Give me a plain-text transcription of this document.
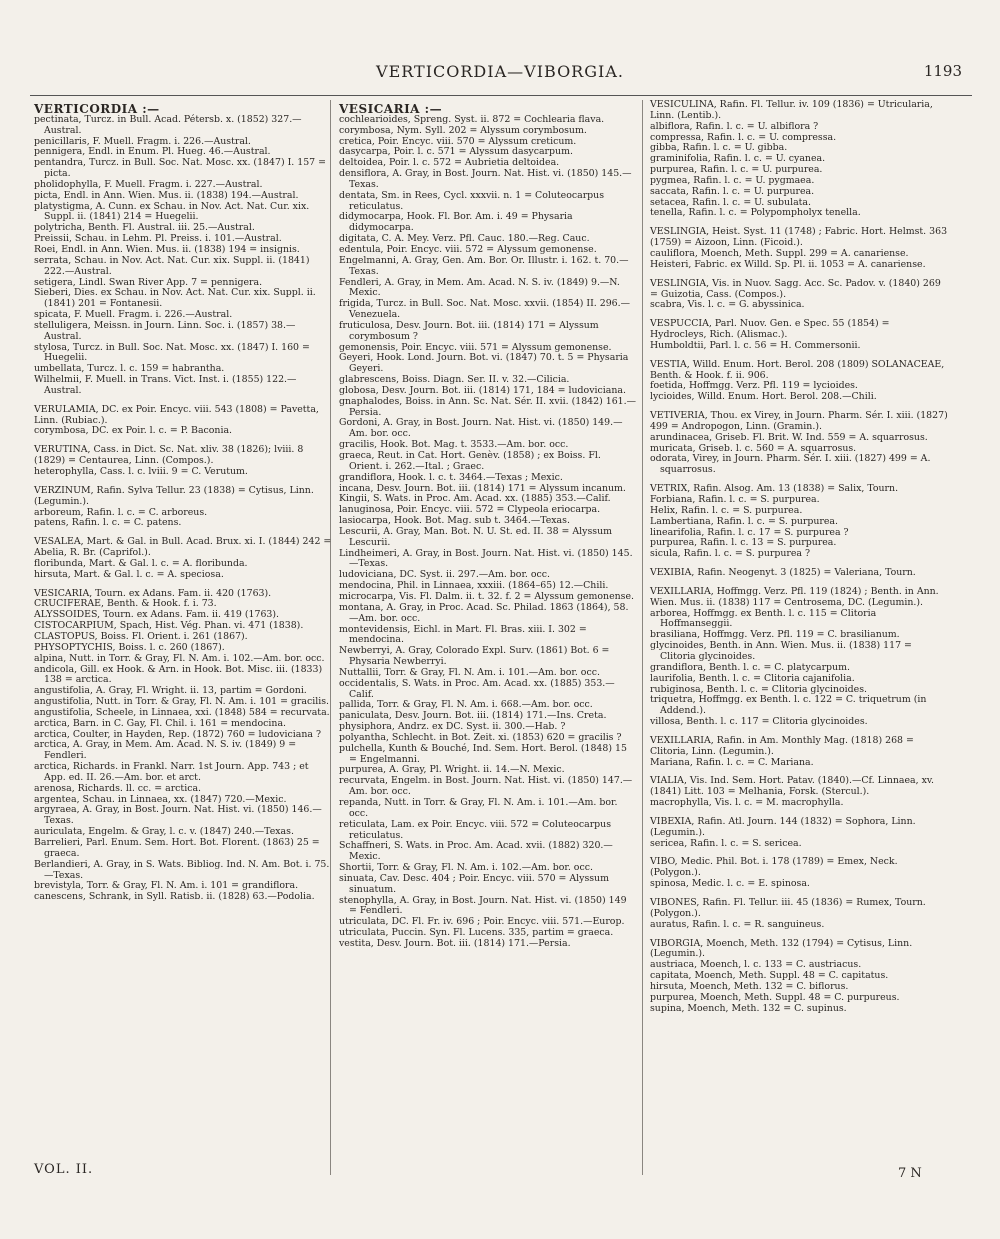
VERTICORDIA—VIBORGIA.	1193

VERTICORDIA :—

pectinata, Turcz. in Bull. Acad. Pétersb. x. (1852) 327.—Austral.

penicillaris, F. Muell. Fragm. i. 226.—Austral.

pennigera, Endl. in Enum. Pl. Hueg. 46.—Austral.

pentandra, Turcz. in Bull. Soc. Nat. Mosc. xx. (1847) I. 157 = picta.

pholidophylla, F. Muell. Fragm. i. 227.—Austral.

picta, Endl. in Ann. Wien. Mus. ii. (1838) 194.—Austral.

platystigma, A. Cunn. ex Schau. in Nov. Act. Nat. Cur. xix. Suppl. ii. (1841) 214 = Huegelii.

polytricha, Benth. Fl. Austral. iii. 25.—Austral.

Preissii, Schau. in Lehm. Pl. Preiss. i. 101.—Austral.

Roei, Endl. in Ann. Wien. Mus. ii. (1838) 194 = insignis.

serrata, Schau. in Nov. Act. Nat. Cur. xix. Suppl. ii. (1841) 222.—Austral.

setigera, Lindl. Swan River App. 7 = pennigera.

Sieberi, Dies. ex Schau. in Nov. Act. Nat. Cur. xix. Suppl. ii. (1841) 201 = Fontanesii.

spicata, F. Muell. Fragm. i. 226.—Austral.

stelluligera, Meissn. in Journ. Linn. Soc. i. (1857) 38.—Austral.

stylosa, Turcz. in Bull. Soc. Nat. Mosc. xx. (1847) I. 160 = Huegelii.

umbellata, Turcz. l. c. 159 = habrantha.

Wilhelmii, F. Muell. in Trans. Vict. Inst. i. (1855) 122.—Austral.

VERULAMIA, DC. ex Poir. Encyc. viii. 543 (1808) = Pavetta, Linn. (Rubiac.).

corymbosa, DC. ex Poir. l. c. = P. Baconia.

VERUTINA, Cass. in Dict. Sc. Nat. xliv. 38 (1826); lviii. 8 (1829) = Centaurea, Linn. (Compos.).

heterophylla, Cass. l. c. lviii. 9 = C. Verutum.

VERZINUM, Rafin. Sylva Tellur. 23 (1838) = Cytisus, Linn. (Legumin.).

arboreum, Rafin. l. c. = C. arboreus.

patens, Rafin. l. c. = C. patens.

VESALEA, Mart. & Gal. in Bull. Acad. Brux. xi. I. (1844) 242 = Abelia, R. Br. (Caprifol.).

floribunda, Mart. & Gal. l. c. = A. floribunda.

hirsuta, Mart. & Gal. l. c. = A. speciosa.

VESICARIA, Tourn. ex Adans. Fam. ii. 420 (1763). CRUCIFERAE, Benth. & Hook. f. i. 73.

ALYSSOIDES, Tourn. ex Adans. Fam. ii. 419 (1763).

CISTOCARPIUM, Spach, Hist. Vég. Phan. vi. 471 (1838).

CLASTOPUS, Boiss. Fl. Orient. i. 261 (1867).

PHYSOPTYCHIS, Boiss. l. c. 260 (1867).

alpina, Nutt. in Torr. & Gray, Fl. N. Am. i. 102.—Am. bor. occ.

andicola, Gill. ex Hook. & Arn. in Hook. Bot. Misc. iii. (1833) 138 = arctica.

angustifolia, A. Gray, Fl. Wright. ii. 13, partim = Gordoni.

angustifolia, Nutt. in Torr. & Gray, Fl. N. Am. i. 101 = gracilis.

angustifolia, Scheele, in Linnaea, xxi. (1848) 584 = recurvata.

arctica, Barn. in C. Gay, Fl. Chil. i. 161 = mendocina.

arctica, Coulter, in Hayden, Rep. (1872) 760 = ludoviciana ?

arctica, A. Gray, in Mem. Am. Acad. N. S. iv. (1849) 9 = Fendleri.

arctica, Richards. in Frankl. Narr. 1st Journ. App. 743 ; et App. ed. II. 26.—Am. bor. et arct.

arenosa, Richards. ll. cc. = arctica.

argentea, Schau. in Linnaea, xx. (1847) 720.—Mexic.

argyraea, A. Gray, in Bost. Journ. Nat. Hist. vi. (1850) 146.—Texas.

auriculata, Engelm. & Gray, l. c. v. (1847) 240.—Texas.

Barrelieri, Parl. Enum. Sem. Hort. Bot. Florent. (1863) 25 = graeca.

Berlandieri, A. Gray, in S. Wats. Bibliog. Ind. N. Am. Bot. i. 75.—Texas.

brevistyla, Torr. & Gray, Fl. N. Am. i. 101 = grandiflora.

canescens, Schrank, in Syll. Ratisb. ii. (1828) 63.—Podolia.

VESICARIA :—

cochlearioides, Spreng. Syst. ii. 872 = Cochlearia flava.

corymbosa, Nym. Syll. 202 = Alyssum corymbosum.

cretica, Poir. Encyc. viii. 570 = Alyssum creticum.

dasycarpa, Poir. l. c. 571 = Alyssum dasycarpum.

deltoidea, Poir. l. c. 572 = Aubrietia deltoidea.

densiflora, A. Gray, in Bost. Journ. Nat. Hist. vi. (1850) 145.—Texas.

dentata, Sm. in Rees, Cycl. xxxvii. n. 1 = Coluteocarpus reticulatus.

didymocarpa, Hook. Fl. Bor. Am. i. 49 = Physaria didymocarpa.

digitata, C. A. Mey. Verz. Pfl. Cauc. 180.—Reg. Cauc.

edentula, Poir. Encyc. viii. 572 = Alyssum gemonense.

Engelmanni, A. Gray, Gen. Am. Bor. Or. Illustr. i. 162. t. 70.—Texas.

Fendleri, A. Gray, in Mem. Am. Acad. N. S. iv. (1849) 9.—N. Mexic.

frigida, Turcz. in Bull. Soc. Nat. Mosc. xxvii. (1854) II. 296.—Venezuela.

fruticulosa, Desv. Journ. Bot. iii. (1814) 171 = Alyssum corymbosum ?

gemonensis, Poir. Encyc. viii. 571 = Alyssum gemonense.

Geyeri, Hook. Lond. Journ. Bot. vi. (1847) 70. t. 5 = Physaria Geyeri.

glabrescens, Boiss. Diagn. Ser. II. v. 32.—Cilicia.

globosa, Desv. Journ. Bot. iii. (1814) 171, 184 = ludoviciana.

gnaphalodes, Boiss. in Ann. Sc. Nat. Sér. II. xvii. (1842) 161.—Persia.

Gordoni, A. Gray, in Bost. Journ. Nat. Hist. vi. (1850) 149.—Am. bor. occ.

gracilis, Hook. Bot. Mag. t. 3533.—Am. bor. occ.

graeca, Reut. in Cat. Hort. Genèv. (1858) ; ex Boiss. Fl. Orient. i. 262.—Ital. ; Graec.

grandiflora, Hook. l. c. t. 3464.—Texas ; Mexic.

incana, Desv. Journ. Bot. iii. (1814) 171 = Alyssum incanum.

Kingii, S. Wats. in Proc. Am. Acad. xx. (1885) 353.—Calif.

lanuginosa, Poir. Encyc. viii. 572 = Clypeola eriocarpa.

lasiocarpa, Hook. Bot. Mag. sub t. 3464.—Texas.

Lescurii, A. Gray, Man. Bot. N. U. St. ed. II. 38 = Alyssum Lescurii.

Lindheimeri, A. Gray, in Bost. Journ. Nat. Hist. vi. (1850) 145.—Texas.

ludoviciana, DC. Syst. ii. 297.—Am. bor. occ.

mendocina, Phil. in Linnaea, xxxiii. (1864–65) 12.—Chili.

microcarpa, Vis. Fl. Dalm. ii. t. 32. f. 2 = Alyssum gemonense.

montana, A. Gray, in Proc. Acad. Sc. Philad. 1863 (1864), 58.—Am. bor. occ.

montevidensis, Eichl. in Mart. Fl. Bras. xiii. I. 302 = mendocina.

Newberryi, A. Gray, Colorado Expl. Surv. (1861) Bot. 6 = Physaria Newberryi.

Nuttallii, Torr. & Gray, Fl. N. Am. i. 101.—Am. bor. occ.

occidentalis, S. Wats. in Proc. Am. Acad. xx. (1885) 353.—Calif.

pallida, Torr. & Gray, Fl. N. Am. i. 668.—Am. bor. occ.

paniculata, Desv. Journ. Bot. iii. (1814) 171.—Ins. Creta.

physiphora, Andrz. ex DC. Syst. ii. 300.—Hab. ?

polyantha, Schlecht. in Bot. Zeit. xi. (1853) 620 = gracilis ?

pulchella, Kunth & Bouché, Ind. Sem. Hort. Berol. (1848) 15 = Engelmanni.

purpurea, A. Gray, Pl. Wright. ii. 14.—N. Mexic.

recurvata, Engelm. in Bost. Journ. Nat. Hist. vi. (1850) 147.—Am. bor. occ.

repanda, Nutt. in Torr. & Gray, Fl. N. Am. i. 101.—Am. bor. occ.

reticulata, Lam. ex Poir. Encyc. viii. 572 = Coluteocarpus reticulatus.

Schaffneri, S. Wats. in Proc. Am. Acad. xvii. (1882) 320.—Mexic.

Shortii, Torr. & Gray, Fl. N. Am. i. 102.—Am. bor. occ.

sinuata, Cav. Desc. 404 ; Poir. Encyc. viii. 570 = Alyssum sinuatum.

stenophylla, A. Gray, in Bost. Journ. Nat. Hist. vi. (1850) 149 = Fendleri.

utriculata, DC. Fl. Fr. iv. 696 ; Poir. Encyc. viii. 571.—Europ.

utriculata, Puccin. Syn. Fl. Lucens. 335, partim = graeca.

vestita, Desv. Journ. Bot. iii. (1814) 171.—Persia.

VESICULINA, Rafin. Fl. Tellur. iv. 109 (1836) = Utricularia, Linn. (Lentib.).

albiflora, Rafin. l. c. = U. albiflora ?

compressa, Rafin. l. c. = U. compressa.

gibba, Rafin. l. c. = U. gibba.

graminifolia, Rafin. l. c. = U. cyanea.

purpurea, Rafin. l. c. = U. purpurea.

pygmea, Rafin. l. c. = U. pygmaea.

saccata, Rafin. l. c. = U. purpurea.

setacea, Rafin. l. c. = U. subulata.

tenella, Rafin. l. c. = Polypompholyx tenella.

VESLINGIA, Heist. Syst. 11 (1748) ; Fabric. Hort. Helmst. 363 (1759) = Aizoon, Linn. (Ficoid.).

cauliflora, Moench, Meth. Suppl. 299 = A. canariense.

Heisteri, Fabric. ex Willd. Sp. Pl. ii. 1053 = A. canariense.

VESLINGIA, Vis. in Nuov. Sagg. Acc. Sc. Padov. v. (1840) 269 = Guizotia, Cass. (Compos.).

scabra, Vis. l. c. = G. abyssinica.

VESPUCCIA, Parl. Nuov. Gen. e Spec. 55 (1854) = Hydrocleys, Rich. (Alismac.).

Humboldtii, Parl. l. c. 56 = H. Commersonii.

VESTIA, Willd. Enum. Hort. Berol. 208 (1809) SOLANACEAE, Benth. & Hook. f. ii. 906.

foetida, Hoffmgg. Verz. Pfl. 119 = lycioides.

lycioides, Willd. Enum. Hort. Berol. 208.—Chili.

VETIVERIA, Thou. ex Virey, in Journ. Pharm. Sér. I. xiii. (1827) 499 = Andropogon, Linn. (Gramin.).

arundinacea, Griseb. Fl. Brit. W. Ind. 559 = A. squarrosus.

muricata, Griseb. l. c. 560 = A. squarrosus.

odorata, Virey, in Journ. Pharm. Sér. I. xiii. (1827) 499 = A. squarrosus.

VETRIX, Rafin. Alsog. Am. 13 (1838) = Salix, Tourn.

Forbiana, Rafin. l. c. = S. purpurea.

Helix, Rafin. l. c. = S. purpurea.

Lambertiana, Rafin. l. c. = S. purpurea.

linearifolia, Rafin. l. c. 17 = S. purpurea ?

purpurea, Rafin. l. c. 13 = S. purpurea.

sicula, Rafin. l. c. = S. purpurea ?

VEXIBIA, Rafin. Neogenyt. 3 (1825) = Valeriana, Tourn.

VEXILLARIA, Hoffmgg. Verz. Pfl. 119 (1824) ; Benth. in Ann. Wien. Mus. ii. (1838) 117 = Centrosema, DC. (Legumin.).

arborea, Hoffmgg. ex Benth. l. c. 115 = Clitoria Hoffmanseggii.

brasiliana, Hoffmgg. Verz. Pfl. 119 = C. brasilianum.

glycinoides, Benth. in Ann. Wien. Mus. ii. (1838) 117 = Clitoria glycinoides.

grandiflora, Benth. l. c. = C. platycarpum.

laurifolia, Benth. l. c. = Clitoria cajanifolia.

rubiginosa, Benth. l. c. = Clitoria glycinoides.

triquetra, Hoffmgg. ex Benth. l. c. 122 = C. triquetrum (in Addend.).

villosa, Benth. l. c. 117 = Clitoria glycinoides.

VEXILLARIA, Rafin. in Am. Monthly Mag. (1818) 268 = Clitoria, Linn. (Legumin.).

Mariana, Rafin. l. c. = C. Mariana.

VIALIA, Vis. Ind. Sem. Hort. Patav. (1840).—Cf. Linnaea, xv. (1841) Litt. 103 = Melhania, Forsk. (Stercul.).

macrophylla, Vis. l. c. = M. macrophylla.

VIBEXIA, Rafin. Atl. Journ. 144 (1832) = Sophora, Linn. (Legumin.).

sericea, Rafin. l. c. = S. sericea.

VIBO, Medic. Phil. Bot. i. 178 (1789) = Emex, Neck. (Polygon.).

spinosa, Medic. l. c. = E. spinosa.

VIBONES, Rafin. Fl. Tellur. iii. 45 (1836) = Rumex, Tourn. (Polygon.).

auratus, Rafin. l. c. = R. sanguineus.

VIBORGIA, Moench, Meth. 132 (1794) = Cytisus, Linn. (Legumin.).

austriaca, Moench, l. c. 133 = C. austriacus.

capitata, Moench, Meth. Suppl. 48 = C. capitatus.

hirsuta, Moench, Meth. 132 = C. biflorus.

purpurea, Moench, Meth. Suppl. 48 = C. purpureus.

supina, Moench, Meth. 132 = C. supinus.

VOL. II.	7 N
